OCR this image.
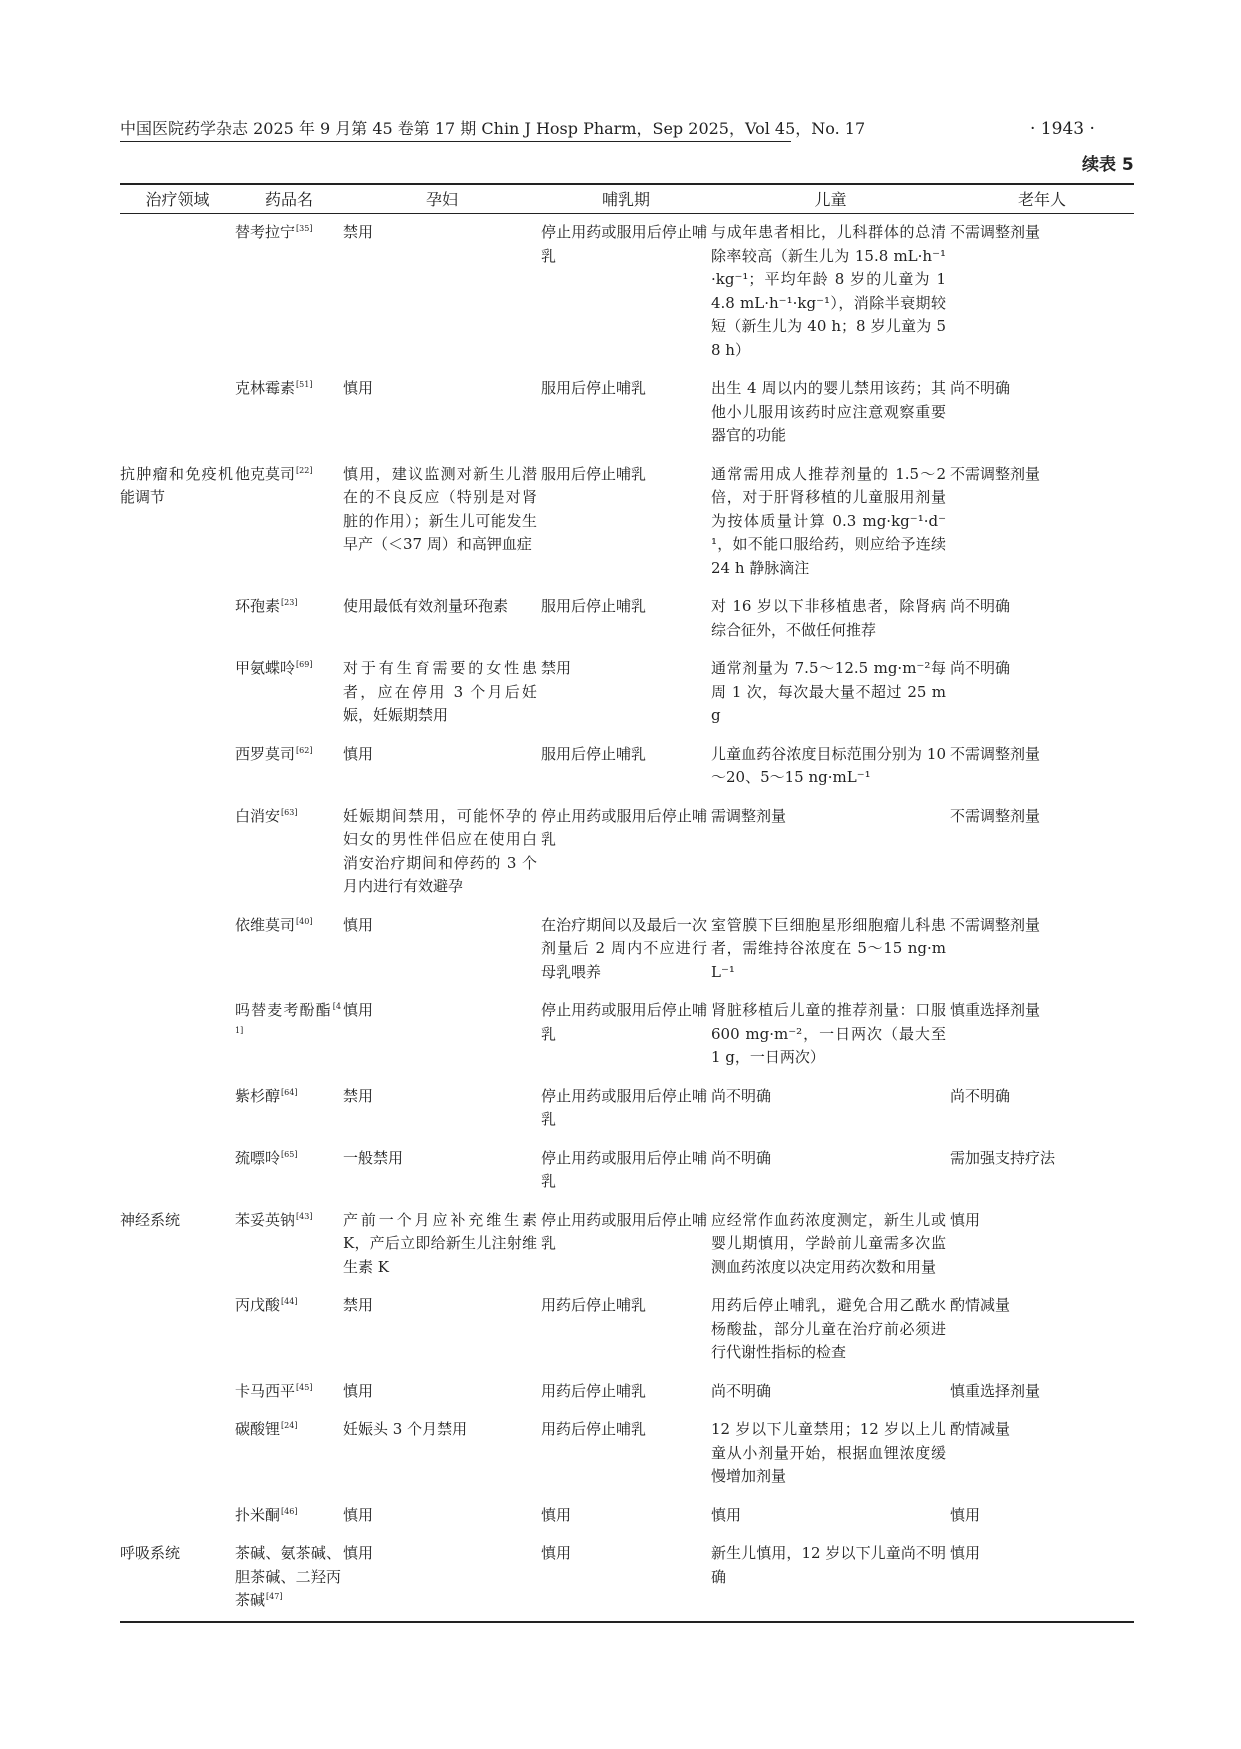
中国医院药学杂志 2025 年 9 月第 45 卷第 17 期 Chin J Hosp Pharm，Sep 2025，Vol 45，No. 17	· 1943 ·
续表 5
治疗领域	药品名	孕妇	哺乳期	儿童	老年人
	替考拉宁[35]	禁用	停止用药或服用后停止哺乳	与成年患者相比，儿科群体的总清除率较高（新生儿为 15.8 mL·h⁻¹·kg⁻¹；平均年龄 8 岁的儿童为 14.8 mL·h⁻¹·kg⁻¹），消除半衰期较短（新生儿为 40 h；8 岁儿童为 58 h）	不需调整剂量
	克林霉素[51]	慎用	服用后停止哺乳	出生 4 周以内的婴儿禁用该药；其他小儿服用该药时应注意观察重要器官的功能	尚不明确
抗肿瘤和免疫机能调节	他克莫司[22]	慎用，建议监测对新生儿潜在的不良反应（特别是对肾脏的作用）；新生儿可能发生早产（＜37 周）和高钾血症	服用后停止哺乳	通常需用成人推荐剂量的 1.5～2 倍，对于肝肾移植的儿童服用剂量为按体质量计算 0.3 mg·kg⁻¹·d⁻¹，如不能口服给药，则应给予连续 24 h 静脉滴注	不需调整剂量
	环孢素[23]	使用最低有效剂量环孢素	服用后停止哺乳	对 16 岁以下非移植患者，除肾病综合征外，不做任何推荐	尚不明确
	甲氨蝶呤[69]	对于有生育需要的女性患者，应在停用 3 个月后妊娠，妊娠期禁用	禁用	通常剂量为 7.5～12.5 mg·m⁻²每周 1 次，每次最大量不超过 25 mg	尚不明确
	西罗莫司[62]	慎用	服用后停止哺乳	儿童血药谷浓度目标范围分别为 10～20、5～15 ng·mL⁻¹	不需调整剂量
	白消安[63]	妊娠期间禁用，可能怀孕的妇女的男性伴侣应在使用白消安治疗期间和停药的 3 个月内进行有效避孕	停止用药或服用后停止哺乳	需调整剂量	不需调整剂量
	依维莫司[40]	慎用	在治疗期间以及最后一次剂量后 2 周内不应进行母乳喂养	室管膜下巨细胞星形细胞瘤儿科患者，需维持谷浓度在 5～15 ng·mL⁻¹	不需调整剂量
	吗替麦考酚酯[41]	慎用	停止用药或服用后停止哺乳	肾脏移植后儿童的推荐剂量：口服 600 mg·m⁻²，一日两次（最大至 1 g，一日两次）	慎重选择剂量
	紫杉醇[64]	禁用	停止用药或服用后停止哺乳	尚不明确	尚不明确
	巯嘌呤[65]	一般禁用	停止用药或服用后停止哺乳	尚不明确	需加强支持疗法
神经系统	苯妥英钠[43]	产前一个月应补充维生素 K，产后立即给新生儿注射维生素 K	停止用药或服用后停止哺乳	应经常作血药浓度测定，新生儿或婴儿期慎用，学龄前儿童需多次监测血药浓度以决定用药次数和用量	慎用
	丙戊酸[44]	禁用	用药后停止哺乳	用药后停止哺乳，避免合用乙酰水杨酸盐，部分儿童在治疗前必须进行代谢性指标的检查	酌情减量
	卡马西平[45]	慎用	用药后停止哺乳	尚不明确	慎重选择剂量
	碳酸锂[24]	妊娠头 3 个月禁用	用药后停止哺乳	12 岁以下儿童禁用；12 岁以上儿童从小剂量开始，根据血锂浓度缓慢增加剂量	酌情减量
	扑米酮[46]	慎用	慎用	慎用	慎用
呼吸系统	茶碱、氨茶碱、胆茶碱、二羟丙茶碱[47]	慎用	慎用	新生儿慎用，12 岁以下儿童尚不明确	慎用
